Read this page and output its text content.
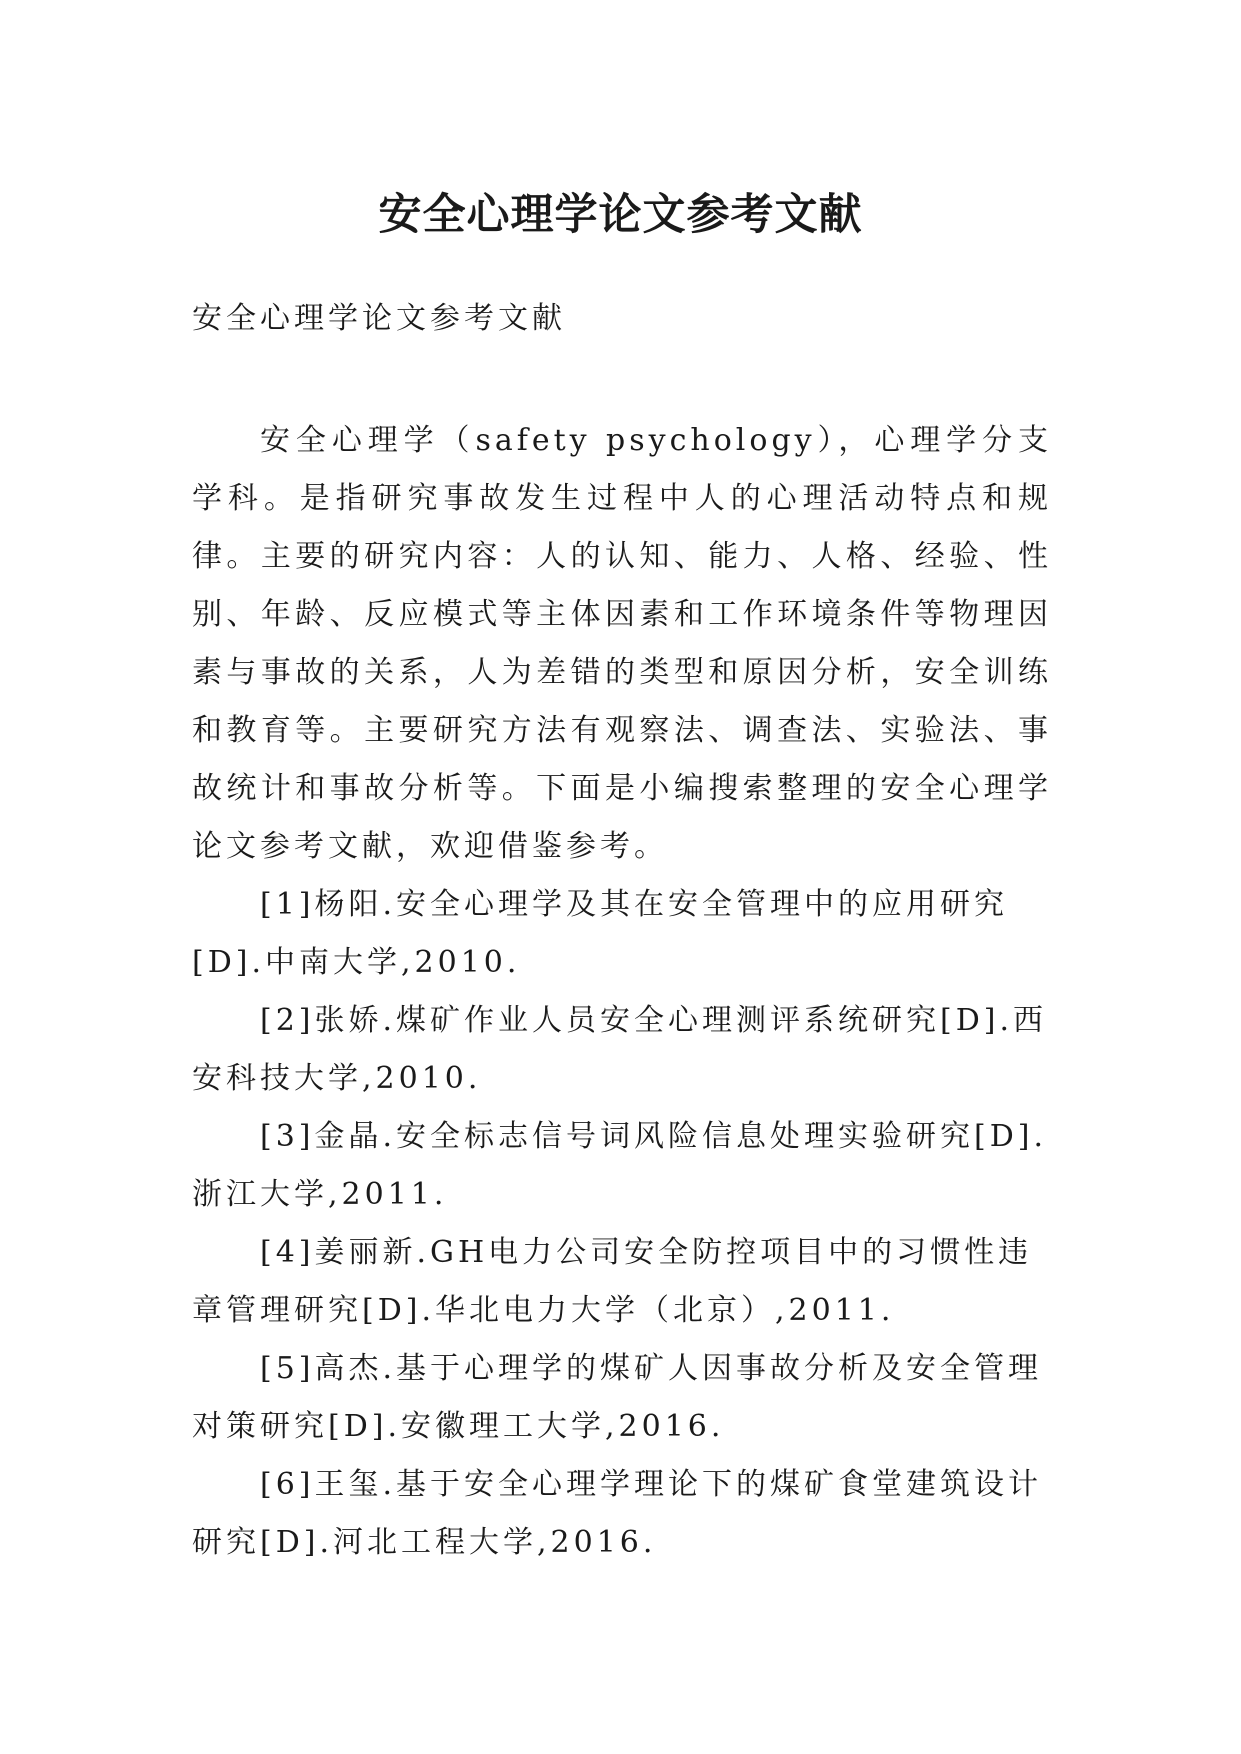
安全心理学论文参考文献

安全心理学论文参考文献

安全心理学（safety psychology），心理学分支学科。是指研究事故发生过程中人的心理活动特点和规律。主要的研究内容：人的认知、能力、人格、经验、性别、年龄、反应模式等主体因素和工作环境条件等物理因素与事故的关系，人为差错的类型和原因分析，安全训练和教育等。主要研究方法有观察法、调查法、实验法、事故统计和事故分析等。下面是小编搜索整理的安全心理学论文参考文献，欢迎借鉴参考。

[1]杨阳.安全心理学及其在安全管理中的应用研究[D].中南大学,2010.

[2]张娇.煤矿作业人员安全心理测评系统研究[D].西安科技大学,2010.

[3]金晶.安全标志信号词风险信息处理实验研究[D].浙江大学,2011.

[4]姜丽新.GH电力公司安全防控项目中的习惯性违章管理研究[D].华北电力大学（北京）,2011.

[5]高杰.基于心理学的煤矿人因事故分析及安全管理对策研究[D].安徽理工大学,2016.

[6]王玺.基于安全心理学理论下的煤矿食堂建筑设计研究[D].河北工程大学,2016.
